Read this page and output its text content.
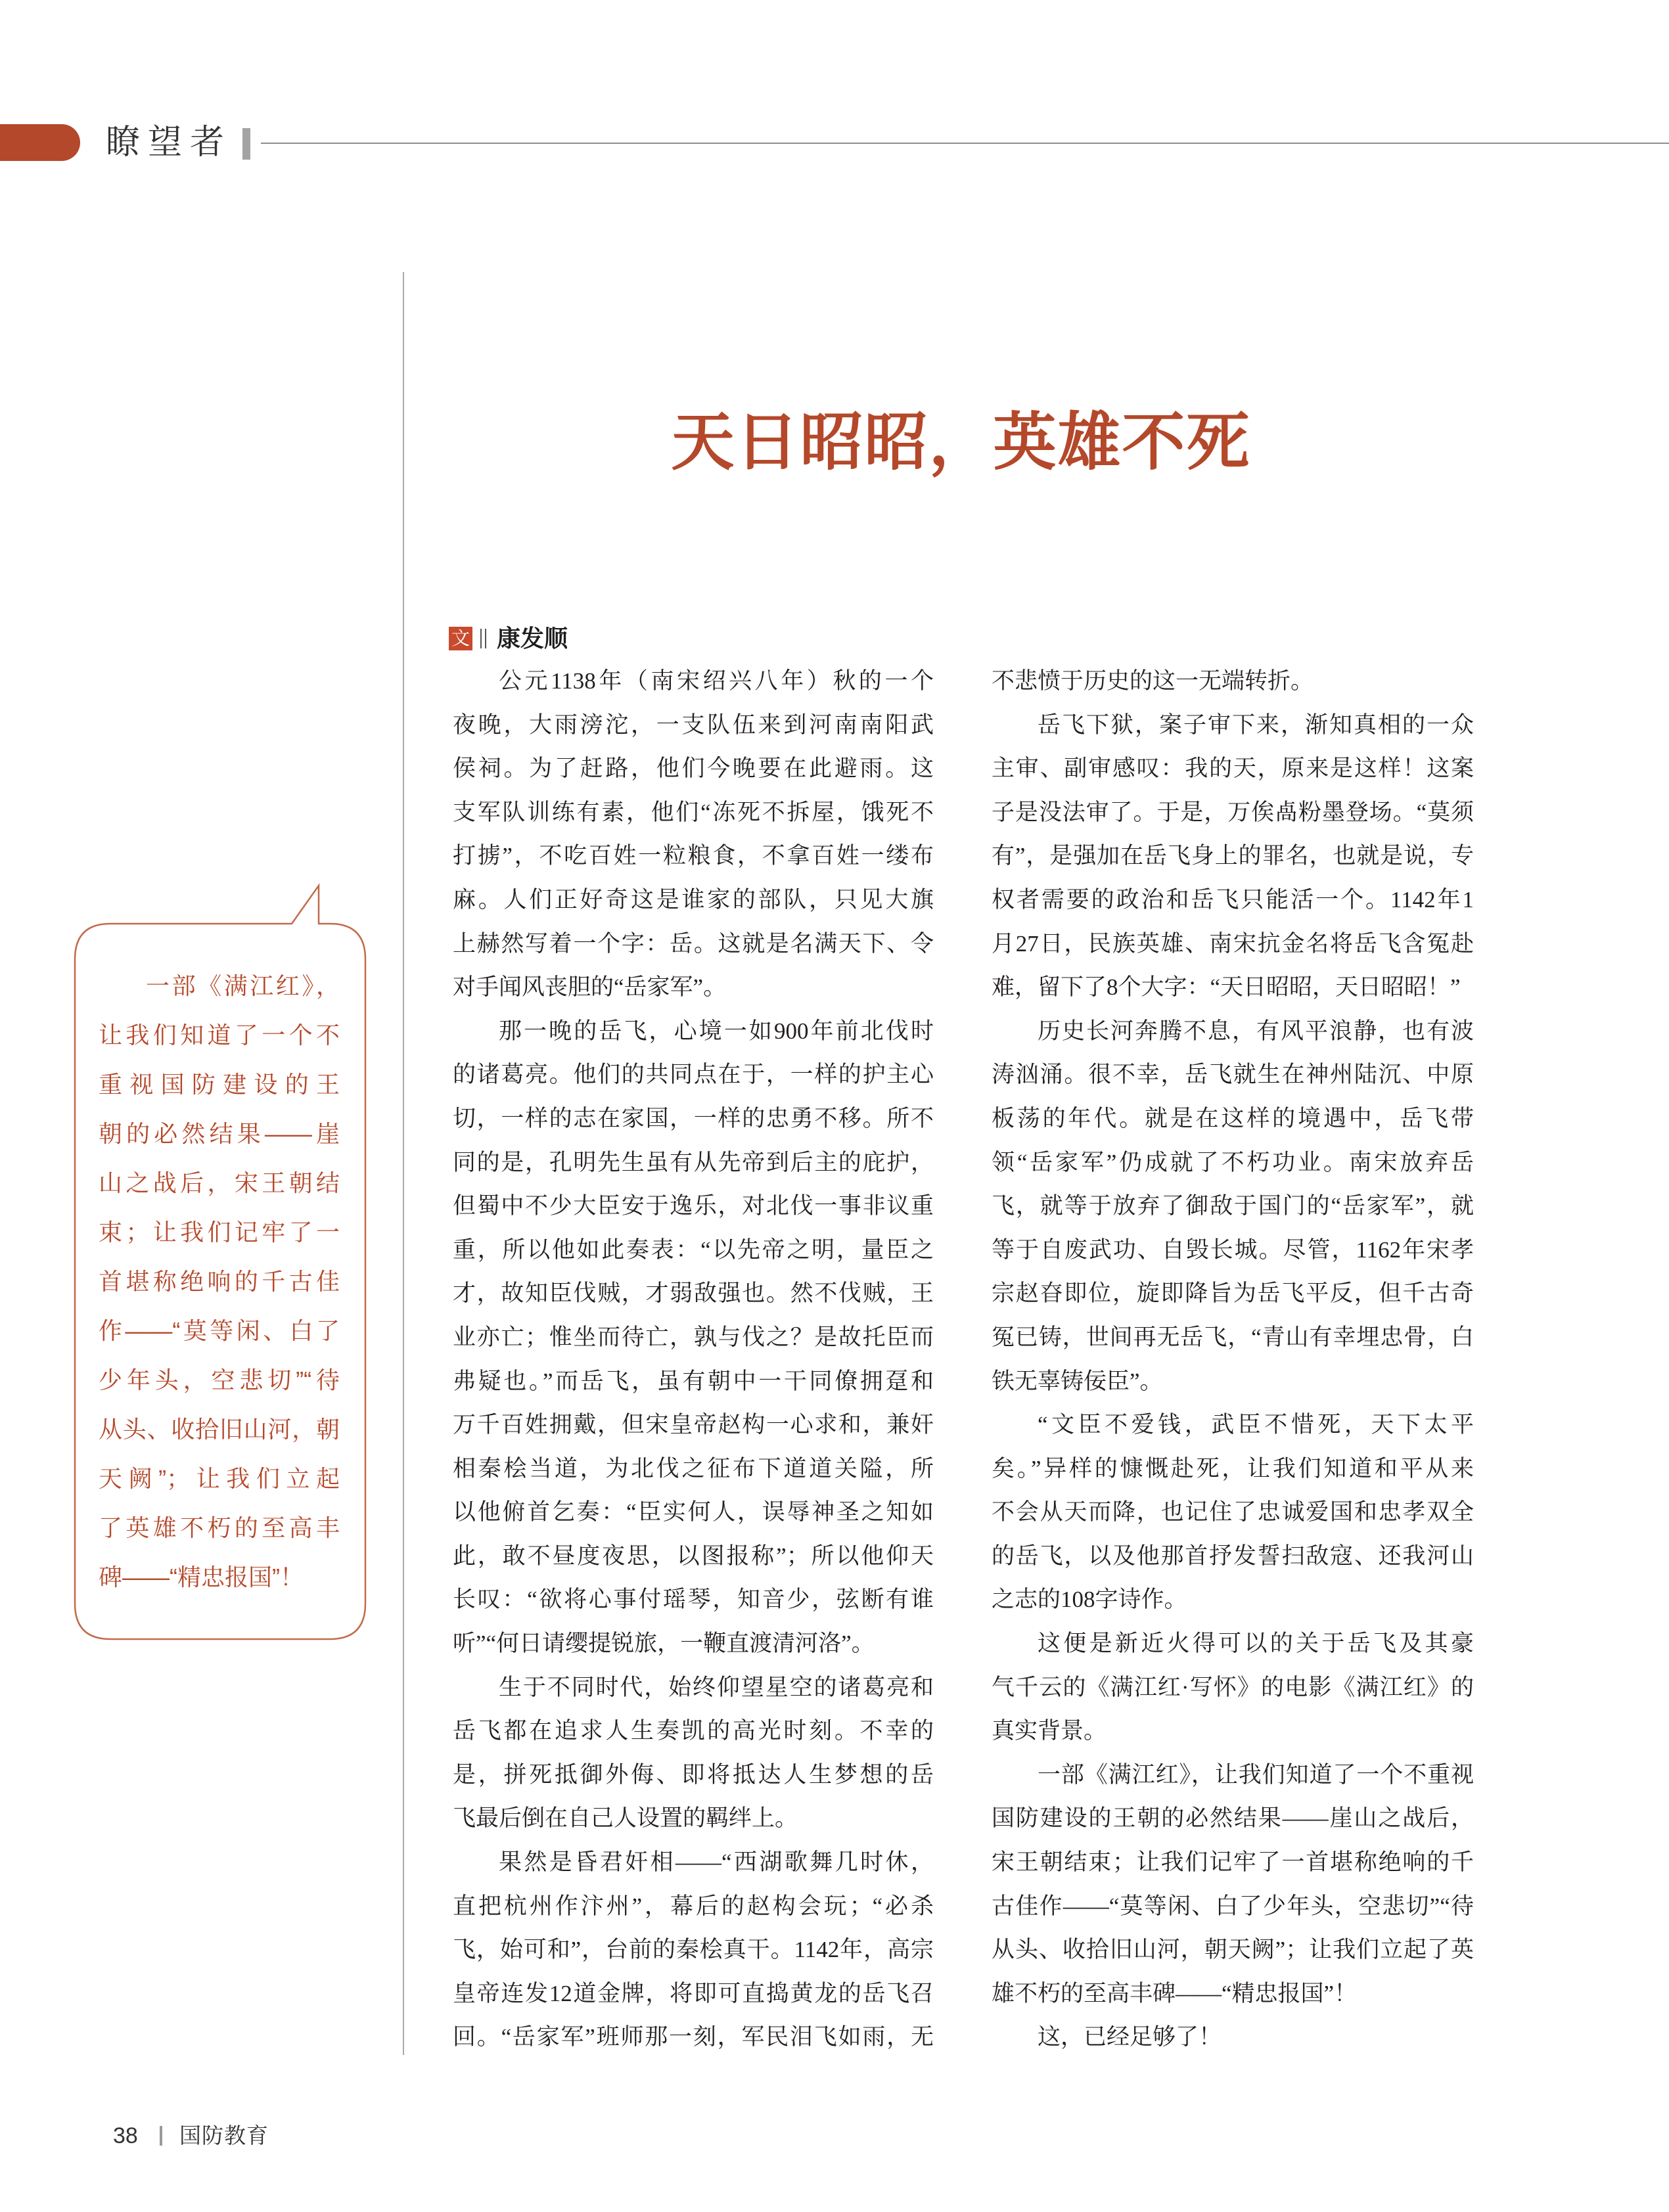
瞭望者
天日昭昭，英雄不死
文 康发顺
公元1138年（南宋绍兴八年）秋的一个
夜晚，大雨滂沱，一支队伍来到河南南阳武
侯祠。为了赶路，他们今晚要在此避雨。这
支军队训练有素，他们“冻死不拆屋，饿死不
打掳”，不吃百姓一粒粮食，不拿百姓一缕布
麻。人们正好奇这是谁家的部队，只见大旗
上赫然写着一个字：岳。这就是名满天下、令
对手闻风丧胆的“岳家军”。
那一晚的岳飞，心境一如900年前北伐时
的诸葛亮。他们的共同点在于，一样的护主心
切，一样的志在家国，一样的忠勇不移。所不
同的是，孔明先生虽有从先帝到后主的庇护，
但蜀中不少大臣安于逸乐，对北伐一事非议重
重，所以他如此奏表：“以先帝之明，量臣之
才，故知臣伐贼，才弱敌强也。然不伐贼，王
业亦亡；惟坐而待亡，孰与伐之？是故托臣而
弗疑也。”而岳飞，虽有朝中一干同僚拥趸和
万千百姓拥戴，但宋皇帝赵构一心求和，兼奸
相秦桧当道，为北伐之征布下道道关隘，所
以他俯首乞奏：“臣实何人，误辱神圣之知如
此，敢不昼度夜思，以图报称”；所以他仰天
长叹：“欲将心事付瑶琴，知音少，弦断有谁
听”“何日请缨提锐旅，一鞭直渡清河洛”。
生于不同时代，始终仰望星空的诸葛亮和
岳飞都在追求人生奏凯的高光时刻。不幸的
是，拼死抵御外侮、即将抵达人生梦想的岳
飞最后倒在自己人设置的羁绊上。
果然是昏君奸相——“西湖歌舞几时休，
直把杭州作汴州”，幕后的赵构会玩；“必杀
飞，始可和”，台前的秦桧真干。1142年，高宗
皇帝连发12道金牌，将即可直捣黄龙的岳飞召
回。“岳家军”班师那一刻，军民泪飞如雨，无
不悲愤于历史的这一无端转折。
岳飞下狱，案子审下来，渐知真相的一众
主审、副审感叹：我的天，原来是这样！这案
子是没法审了。于是，万俟卨粉墨登场。“莫须
有”，是强加在岳飞身上的罪名，也就是说，专
权者需要的政治和岳飞只能活一个。1142年1
月27日，民族英雄、南宋抗金名将岳飞含冤赴
难，留下了8个大字：“天日昭昭，天日昭昭！”
历史长河奔腾不息，有风平浪静，也有波
涛汹涌。很不幸，岳飞就生在神州陆沉、中原
板荡的年代。就是在这样的境遇中，岳飞带
领“岳家军”仍成就了不朽功业。南宋放弃岳
飞，就等于放弃了御敌于国门的“岳家军”，就
等于自废武功、自毁长城。尽管，1162年宋孝
宗赵昚即位，旋即降旨为岳飞平反，但千古奇
冤已铸，世间再无岳飞，“青山有幸埋忠骨，白
铁无辜铸佞臣”。
“文臣不爱钱，武臣不惜死，天下太平
矣。”异样的慷慨赴死，让我们知道和平从来
不会从天而降，也记住了忠诚爱国和忠孝双全
的岳飞，以及他那首抒发誓扫敌寇、还我河山
之志的108字诗作。
这便是新近火得可以的关于岳飞及其豪
气千云的《满江红·写怀》的电影《满江红》的
真实背景。
一部《满江红》，让我们知道了一个不重视
国防建设的王朝的必然结果——崖山之战后，
宋王朝结束；让我们记牢了一首堪称绝响的千
古佳作——“莫等闲、白了少年头，空悲切”“待
从头、收拾旧山河，朝天阙”；让我们立起了英
雄不朽的至高丰碑——“精忠报国”！
这，已经足够了！
一部《满江红》，
让我们知道了一个不
重视国防建设的王
朝的必然结果——崖
山之战后，宋王朝结
束；让我们记牢了一
首堪称绝响的千古佳
作——“莫等闲、白了
少年头，空悲切”“待
从头、收拾旧山河，朝
天阙”；让我们立起
了英雄不朽的至高丰
碑——“精忠报国”！
38 国防教育
